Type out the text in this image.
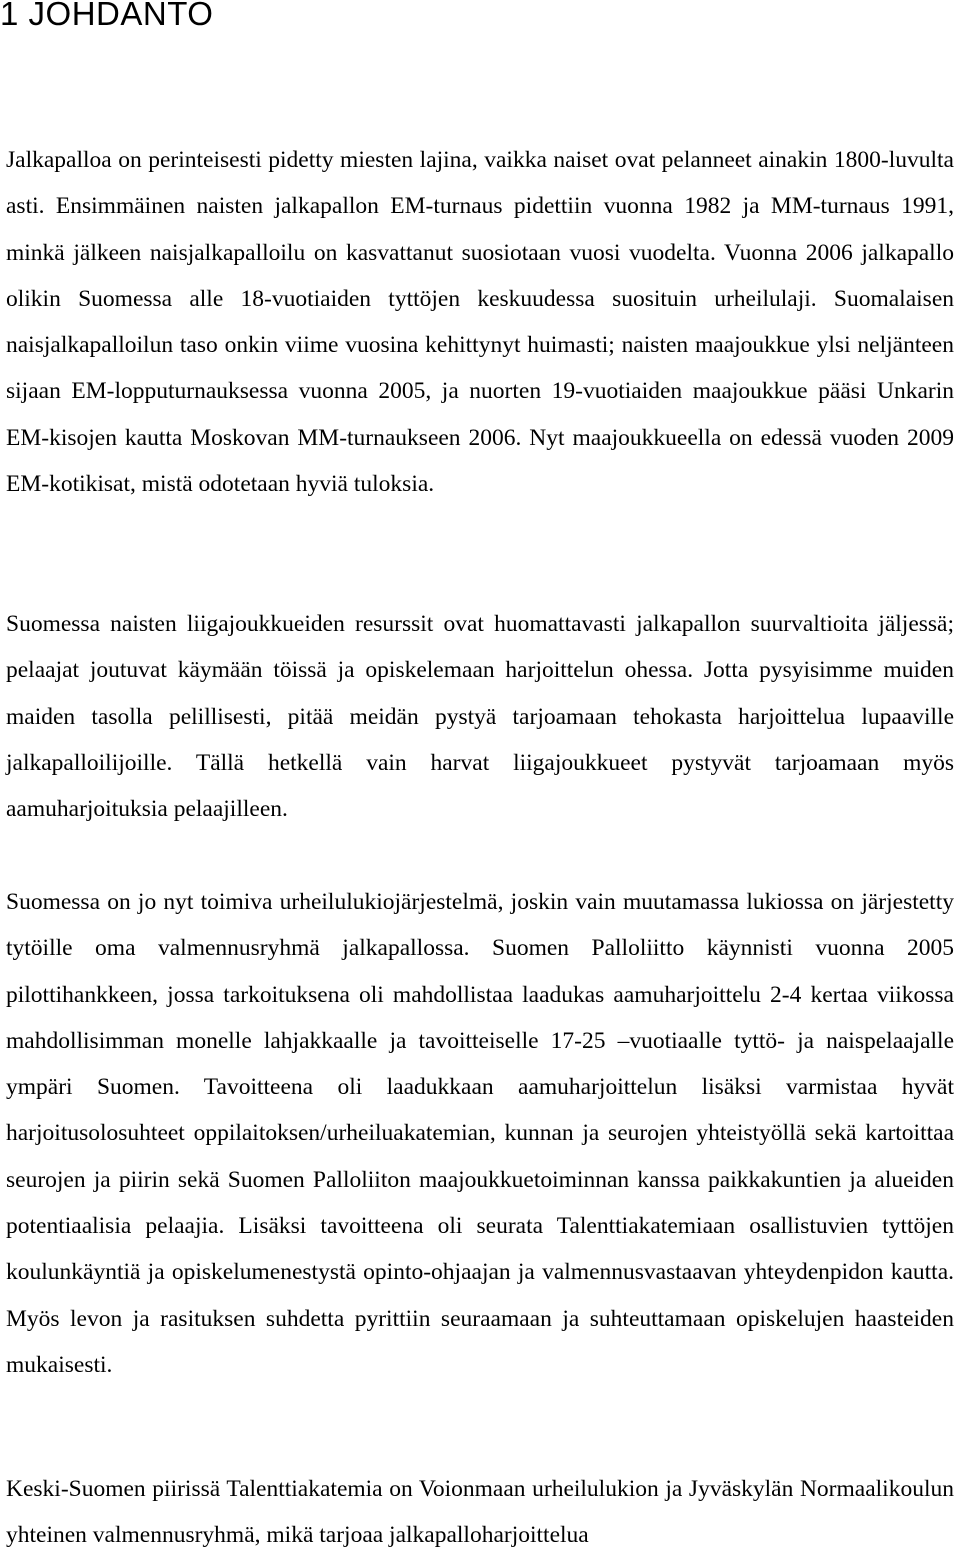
1 JOHDANTO

Jalkapalloa on perinteisesti pidetty miesten lajina, vaikka naiset ovat pelanneet ainakin 1800-luvulta asti. Ensimmäinen naisten jalkapallon EM-turnaus pidettiin vuonna 1982 ja MM-turnaus 1991, minkä jälkeen naisjalkapalloilu on kasvattanut suosiotaan vuosi vuodelta. Vuonna 2006 jalkapallo olikin Suomessa alle 18-vuotiaiden tyttöjen keskuudessa suosituin urheilulaji. Suomalaisen naisjalkapalloilun taso onkin viime vuosina kehittynyt huimasti; naisten maajoukkue ylsi neljänteen sijaan EM-lopputurnauksessa vuonna 2005, ja nuorten 19-vuotiaiden maajoukkue pääsi Unkarin EM-kisojen kautta Moskovan MM-turnaukseen 2006. Nyt maajoukkueella on edessä vuoden 2009 EM-kotikisat, mistä odotetaan hyviä tuloksia.

Suomessa naisten liigajoukkueiden resurssit ovat huomattavasti jalkapallon suurvaltioita jäljessä; pelaajat joutuvat käymään töissä ja opiskelemaan harjoittelun ohessa. Jotta pysyisimme muiden maiden tasolla pelillisesti, pitää meidän pystyä tarjoamaan tehokasta harjoittelua lupaaville jalkapalloilijoille. Tällä hetkellä vain harvat liigajoukkueet pystyvät tarjoamaan myös aamuharjoituksia pelaajilleen.

Suomessa on jo nyt toimiva urheilulukiojärjestelmä, joskin vain muutamassa lukiossa on järjestetty tytöille oma valmennusryhmä jalkapallossa. Suomen Palloliitto käynnisti vuonna 2005 pilottihankkeen, jossa tarkoituksena oli mahdollistaa laadukas aamuharjoittelu 2-4 kertaa viikossa mahdollisimman monelle lahjakkaalle ja tavoitteiselle 17-25 –vuotiaalle tyttö- ja naispelaajalle ympäri Suomen. Tavoitteena oli laadukkaan aamuharjoittelun lisäksi varmistaa hyvät harjoitusolosuhteet oppilaitoksen/urheiluakatemian, kunnan ja seurojen yhteistyöllä sekä kartoittaa seurojen ja piirin sekä Suomen Palloliiton maajoukkuetoiminnan kanssa paikkakuntien ja alueiden potentiaalisia pelaajia. Lisäksi tavoitteena oli seurata Talenttiakatemiaan osallistuvien tyttöjen koulunkäyntiä ja opiskelumenestystä opinto-ohjaajan ja valmennusvastaavan yhteydenpidon kautta. Myös levon ja rasituksen suhdetta pyrittiin seuraamaan ja suhteuttamaan opiskelujen haasteiden mukaisesti.

Keski-Suomen piirissä Talenttiakatemia on Voionmaan urheilulukion ja Jyväskylän Normaalikoulun yhteinen valmennusryhmä, mikä tarjoaa jalkapalloharjoittelua
